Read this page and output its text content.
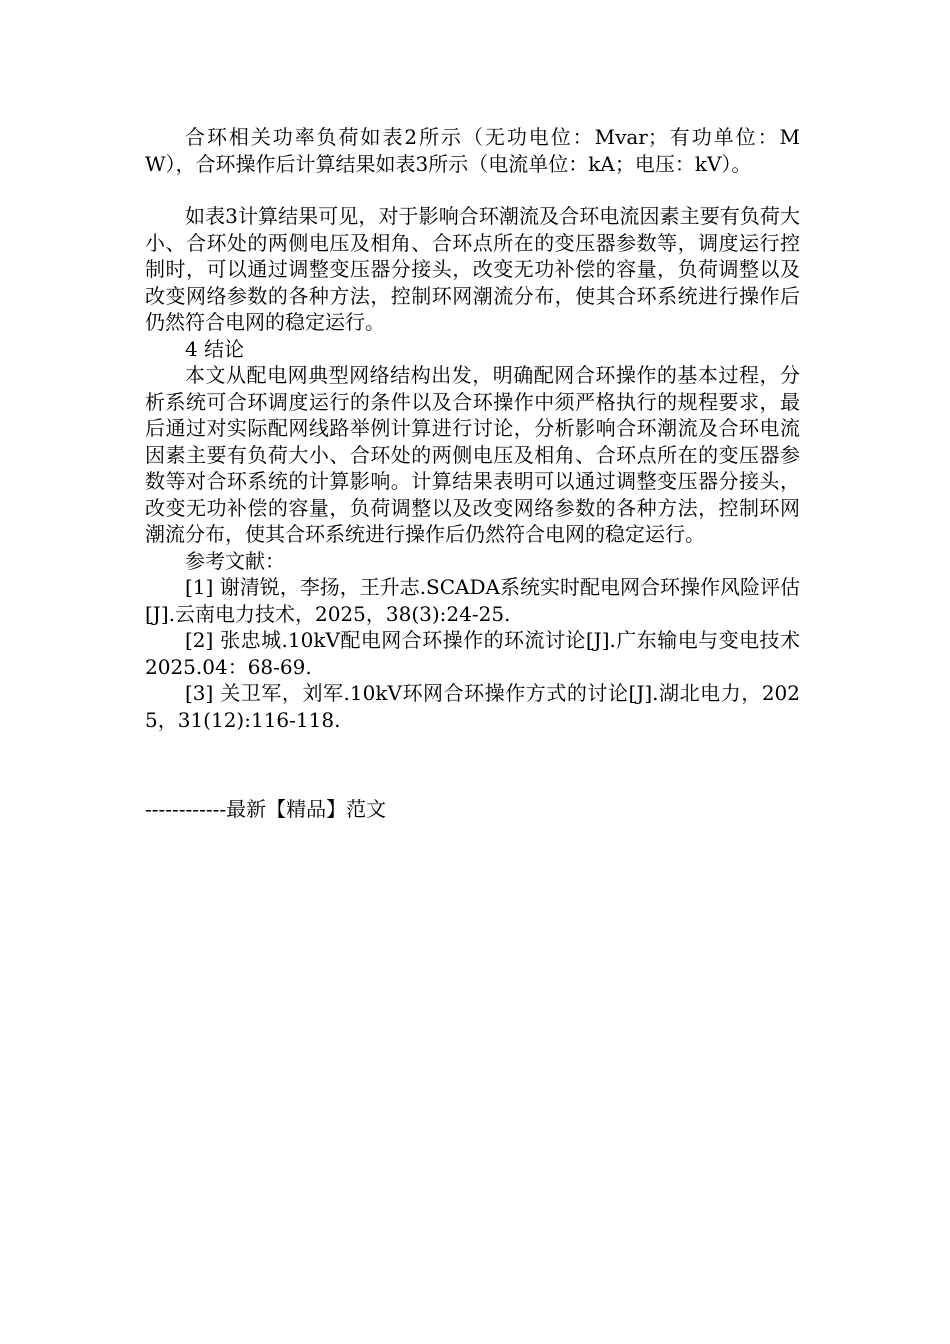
合环相关功率负荷如表2所示（无功电位：Mvar；有功单位：MW），合环操作后计算结果如表3所示（电流单位：kA；电压：kV）。

如表3计算结果可见，对于影响合环潮流及合环电流因素主要有负荷大小、合环处的两侧电压及相角、合环点所在的变压器参数等，调度运行控制时，可以通过调整变压器分接头，改变无功补偿的容量，负荷调整以及改变网络参数的各种方法，控制环网潮流分布，使其合环系统进行操作后仍然符合电网的稳定运行。

4 结论

本文从配电网典型网络结构出发，明确配网合环操作的基本过程，分析系统可合环调度运行的条件以及合环操作中须严格执行的规程要求，最后通过对实际配网线路举例计算进行讨论，分析影响合环潮流及合环电流因素主要有负荷大小、合环处的两侧电压及相角、合环点所在的变压器参数等对合环系统的计算影响。计算结果表明可以通过调整变压器分接头，改变无功补偿的容量，负荷调整以及改变网络参数的各种方法，控制环网潮流分布，使其合环系统进行操作后仍然符合电网的稳定运行。

参考文献：

[1] 谢清锐，李扬，王升志.SCADA系统实时配电网合环操作风险评估[J].云南电力技术，2025，38(3):24-25.

[2] 张忠城.10kV配电网合环操作的环流讨论[J].广东输电与变电技术2025.04：68-69.

[3] 关卫军，刘军.10kV环网合环操作方式的讨论[J].湖北电力，2025，31(12):116-118.

------------最新【精品】范文
